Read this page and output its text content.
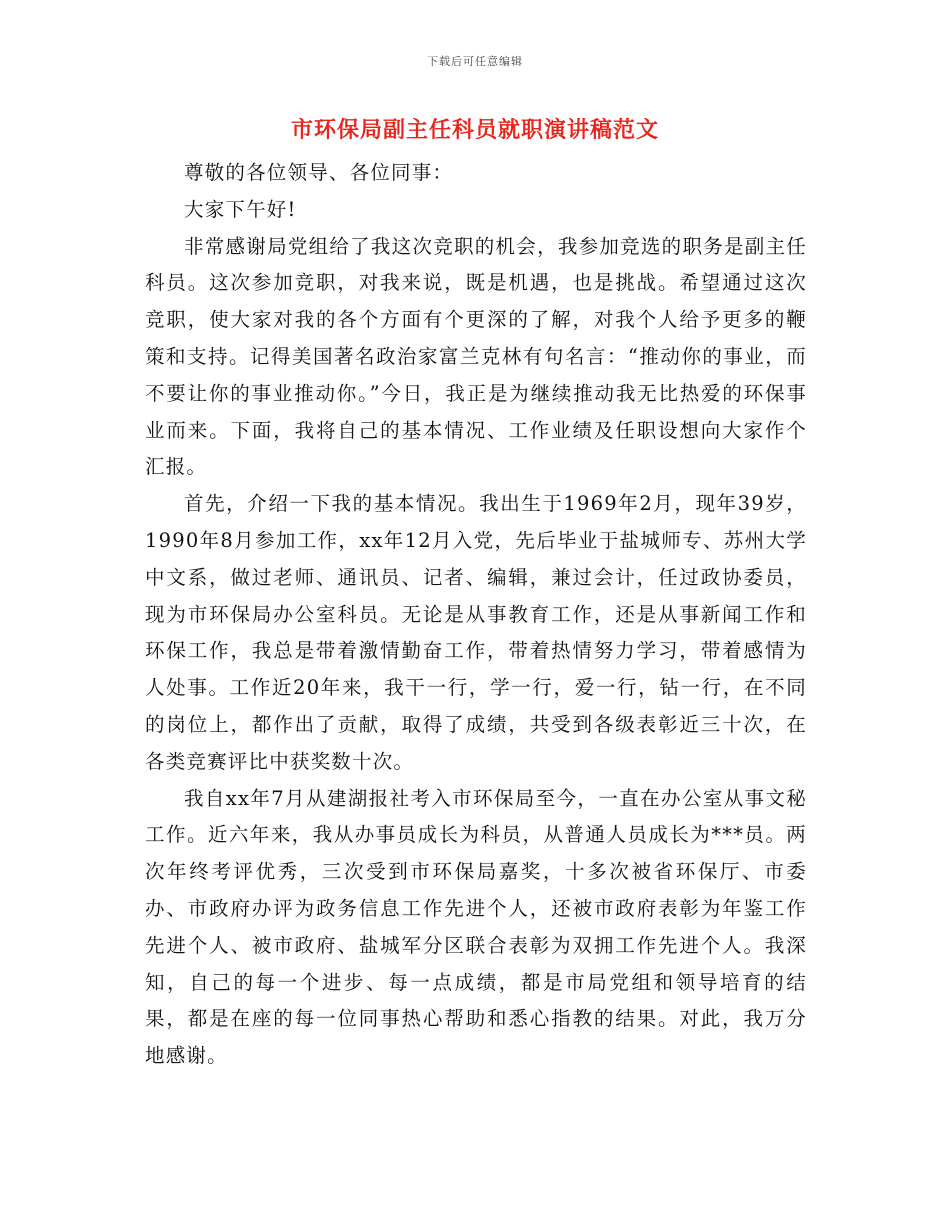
下载后可任意编辑
市环保局副主任科员就职演讲稿范文

尊敬的各位领导、各位同事：

大家下午好!

非常感谢局党组给了我这次竞职的机会，我参加竞选的职务是副主任科员。这次参加竞职，对我来说，既是机遇，也是挑战。希望通过这次竞职，使大家对我的各个方面有个更深的了解，对我个人给予更多的鞭策和支持。记得美国著名政治家富兰克林有句名言：“推动你的事业，而不要让你的事业推动你。”今日，我正是为继续推动我无比热爱的环保事业而来。下面，我将自己的基本情况、工作业绩及任职设想向大家作个汇报。

首先，介绍一下我的基本情况。我出生于1969年2月，现年39岁，1990年8月参加工作，xx年12月入党，先后毕业于盐城师专、苏州大学中文系，做过老师、通讯员、记者、编辑，兼过会计，任过政协委员，现为市环保局办公室科员。无论是从事教育工作，还是从事新闻工作和环保工作，我总是带着激情勤奋工作，带着热情努力学习，带着感情为人处事。工作近20年来，我干一行，学一行，爱一行，钻一行，在不同的岗位上，都作出了贡献，取得了成绩，共受到各级表彰近三十次，在各类竞赛评比中获奖数十次。

我自xx年7月从建湖报社考入市环保局至今，一直在办公室从事文秘工作。近六年来，我从办事员成长为科员，从普通人员成长为***员。两次年终考评优秀，三次受到市环保局嘉奖，十多次被省环保厅、市委办、市政府办评为政务信息工作先进个人，还被市政府表彰为年鉴工作先进个人、被市政府、盐城军分区联合表彰为双拥工作先进个人。我深知，自己的每一个进步、每一点成绩，都是市局党组和领导培育的结果，都是在座的每一位同事热心帮助和悉心指教的结果。对此，我万分地感谢。
